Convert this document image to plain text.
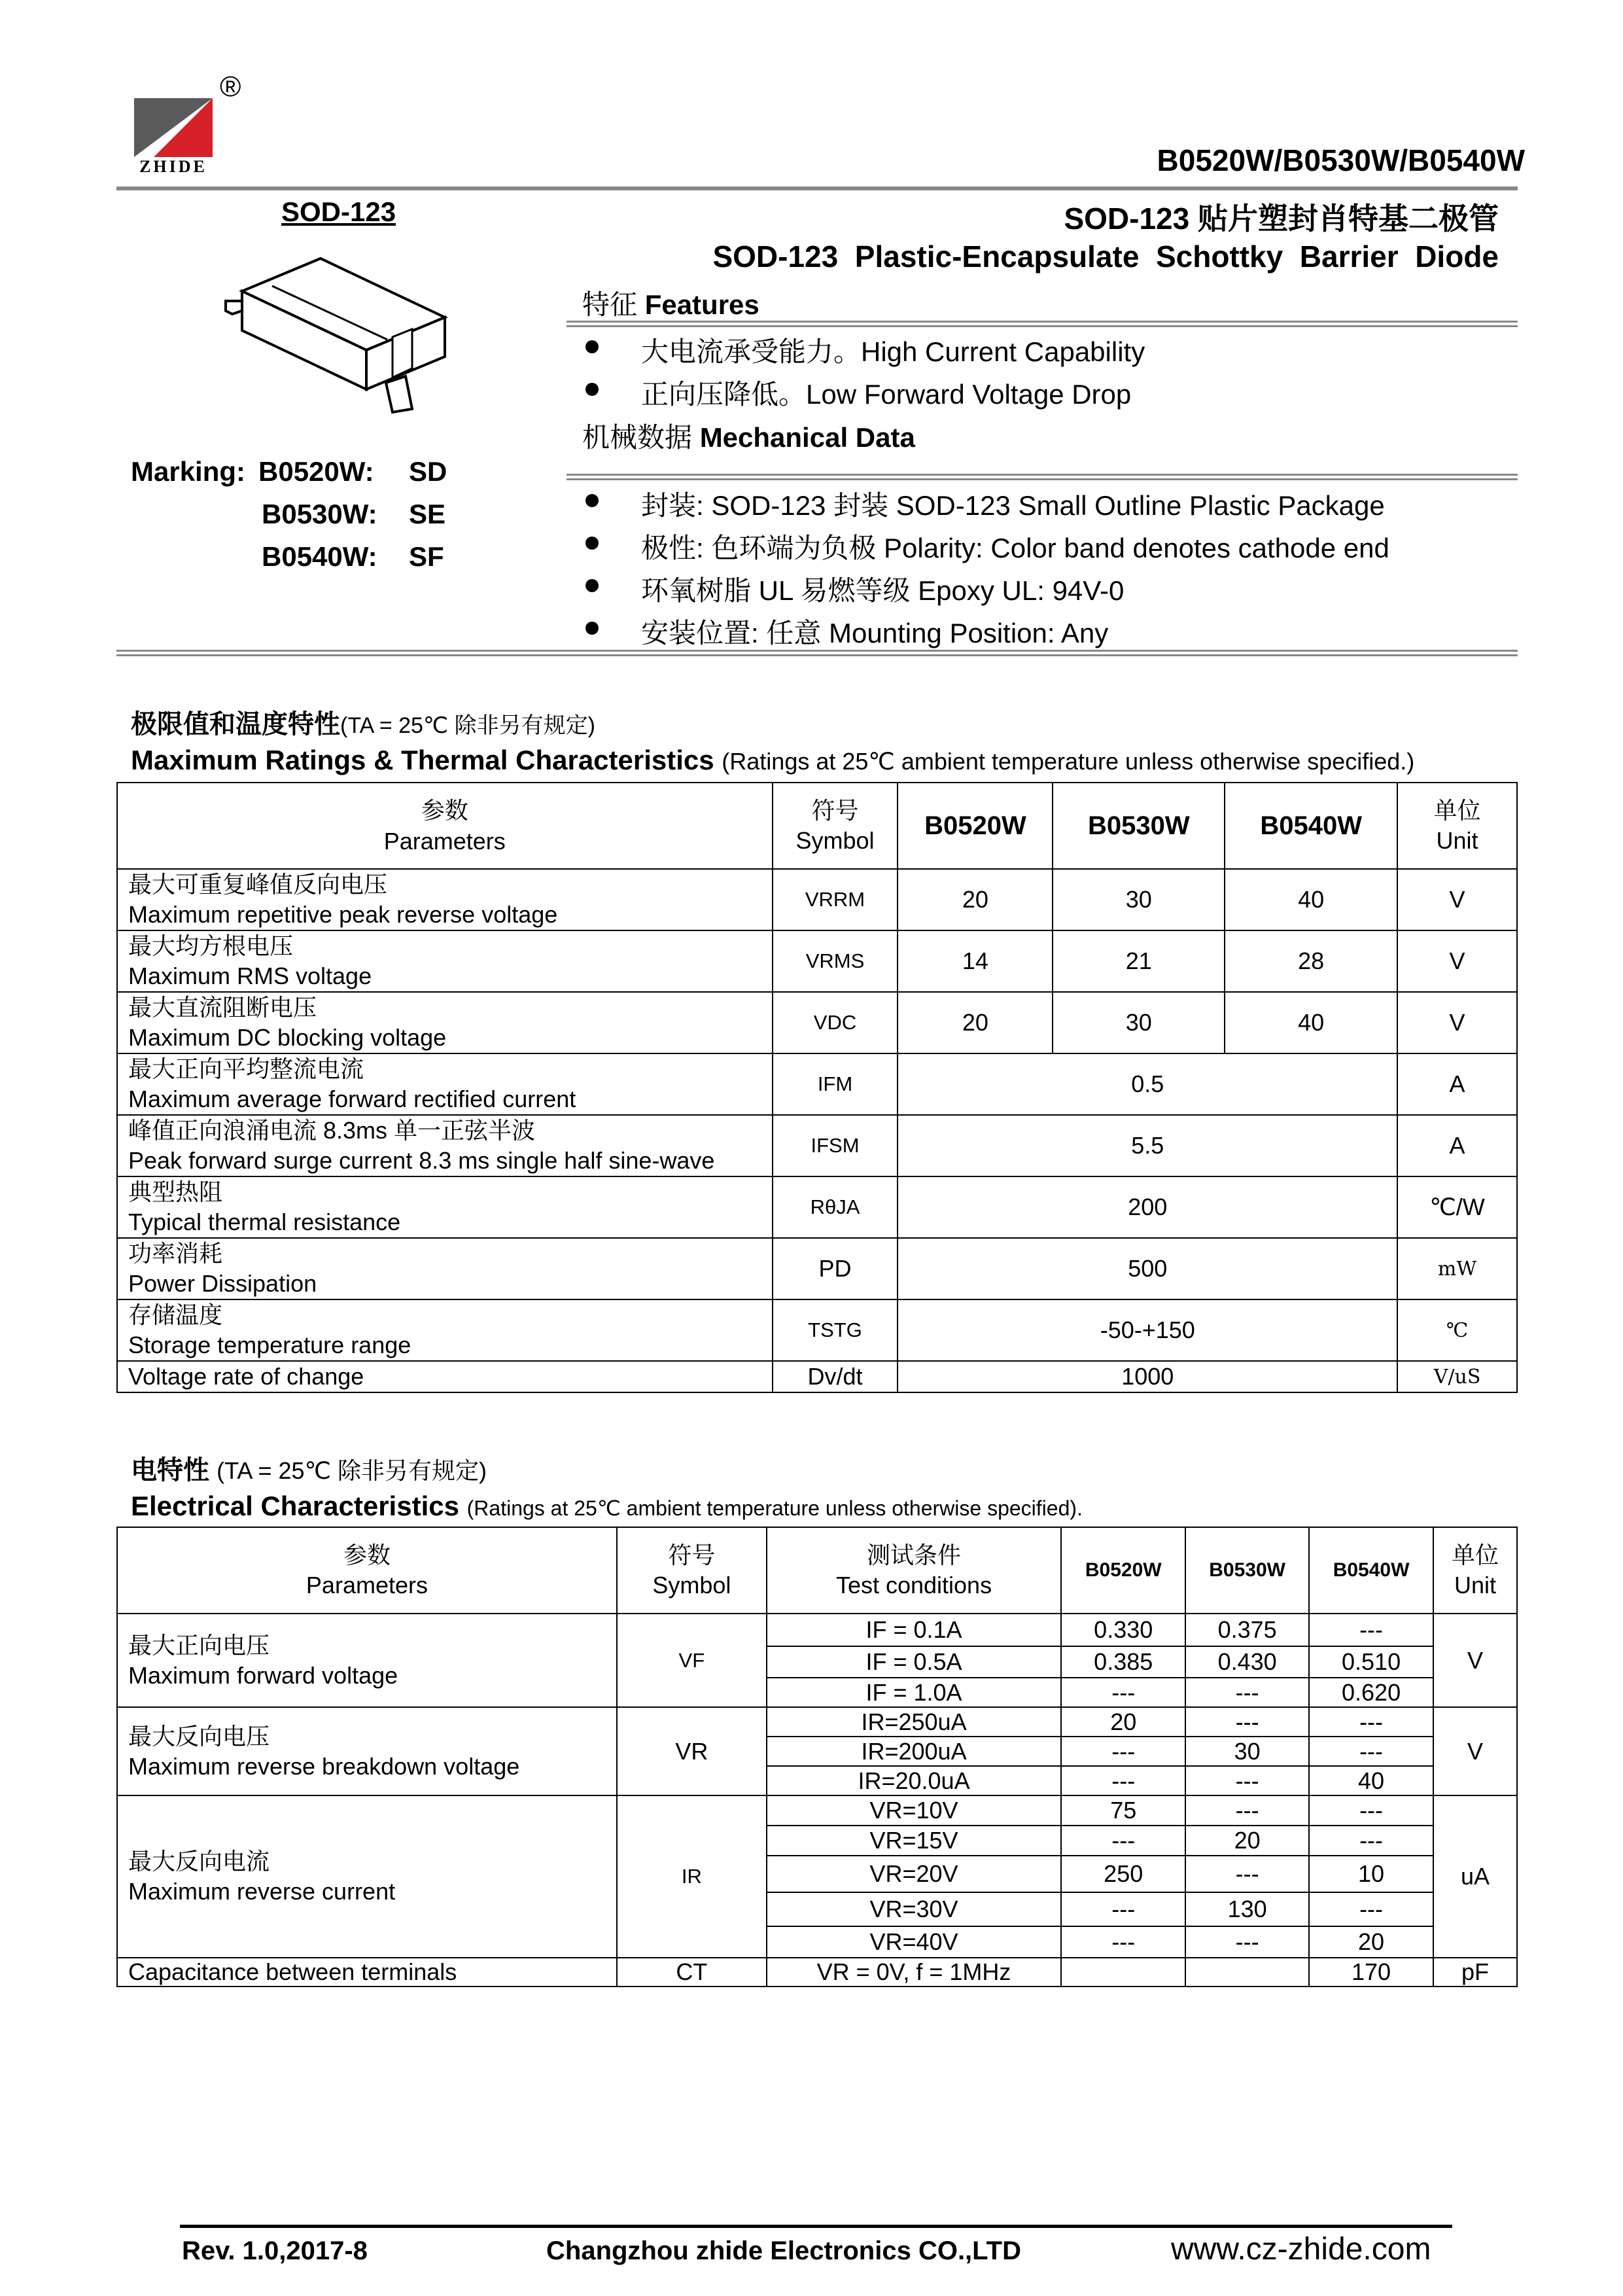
ZHIDE
®
B0520W/B0530W/B0540W
SOD-123
Marking: B0520W: SD
B0530W: SE
B0540W: SF
SOD-123 贴片塑封肖特基二极管
SOD-123  Plastic-Encapsulate  Schottky  Barrier  Diode
特征 Features
大电流承受能力。High Current Capability
正向压降低。Low Forward Voltage Drop
机械数据 Mechanical Data
封装: SOD-123 封装 SOD-123 Small Outline Plastic Package
极性: 色环端为负极 Polarity: Color band denotes cathode end
环氧树脂 UL 易燃等级 Epoxy UL: 94V-0
安装位置: 任意 Mounting Position: Any
极限值和温度特性(TA = 25℃ 除非另有规定)
Maximum Ratings & Thermal Characteristics (Ratings at 25℃ ambient temperature unless otherwise specified.)
参数
Parameters	符号
Symbol	B0520W	B0530W	B0540W	单位
Unit
最大可重复峰值反向电压
Maximum repetitive peak reverse voltage	VRRM	20	30	40	V
最大均方根电压
Maximum RMS voltage	VRMS	14	21	28	V
最大直流阻断电压
Maximum DC blocking voltage	VDC	20	30	40	V
最大正向平均整流电流
Maximum average forward rectified current	IFM	0.5			A
峰值正向浪涌电流 8.3ms 单一正弦半波
Peak forward surge current 8.3 ms single half sine-wave	IFSM	5.5			A
典型热阻
Typical thermal resistance	RθJA	200			℃/W
功率消耗
Power Dissipation	PD	500			mW
存储温度
Storage temperature range	TSTG	-50-+150			℃
Voltage rate of change	Dv/dt	1000			V/uS
电特性 (TA = 25℃ 除非另有规定)
Electrical Characteristics (Ratings at 25℃ ambient temperature unless otherwise specified).
参数
Parameters	符号
Symbol	测试条件
Test conditions	B0520W	B0530W	B0540W	单位
Unit
最大正向电压
Maximum forward voltage	VF	IF = 0.1A	0.330	0.375	---	V
		IF = 0.5A	0.385	0.430	0.510	
		IF = 1.0A	---	---	0.620	
最大反向电压
Maximum reverse breakdown voltage	VR	IR=250uA	20	---	---	V
		IR=200uA	---	30	---	
		IR=20.0uA	---	---	40	
最大反向电流
Maximum reverse current	IR	VR=10V	75	---	---	uA
		VR=15V	---	20	---	
		VR=20V	250	---	10	
		VR=30V	---	130	---	
		VR=40V	---	---	20	
Capacitance between terminals	CT	VR = 0V, f = 1MHz			170	pF
Rev. 1.0,2017-8	Changzhou zhide Electronics CO.,LTD	www.cz-zhide.com
